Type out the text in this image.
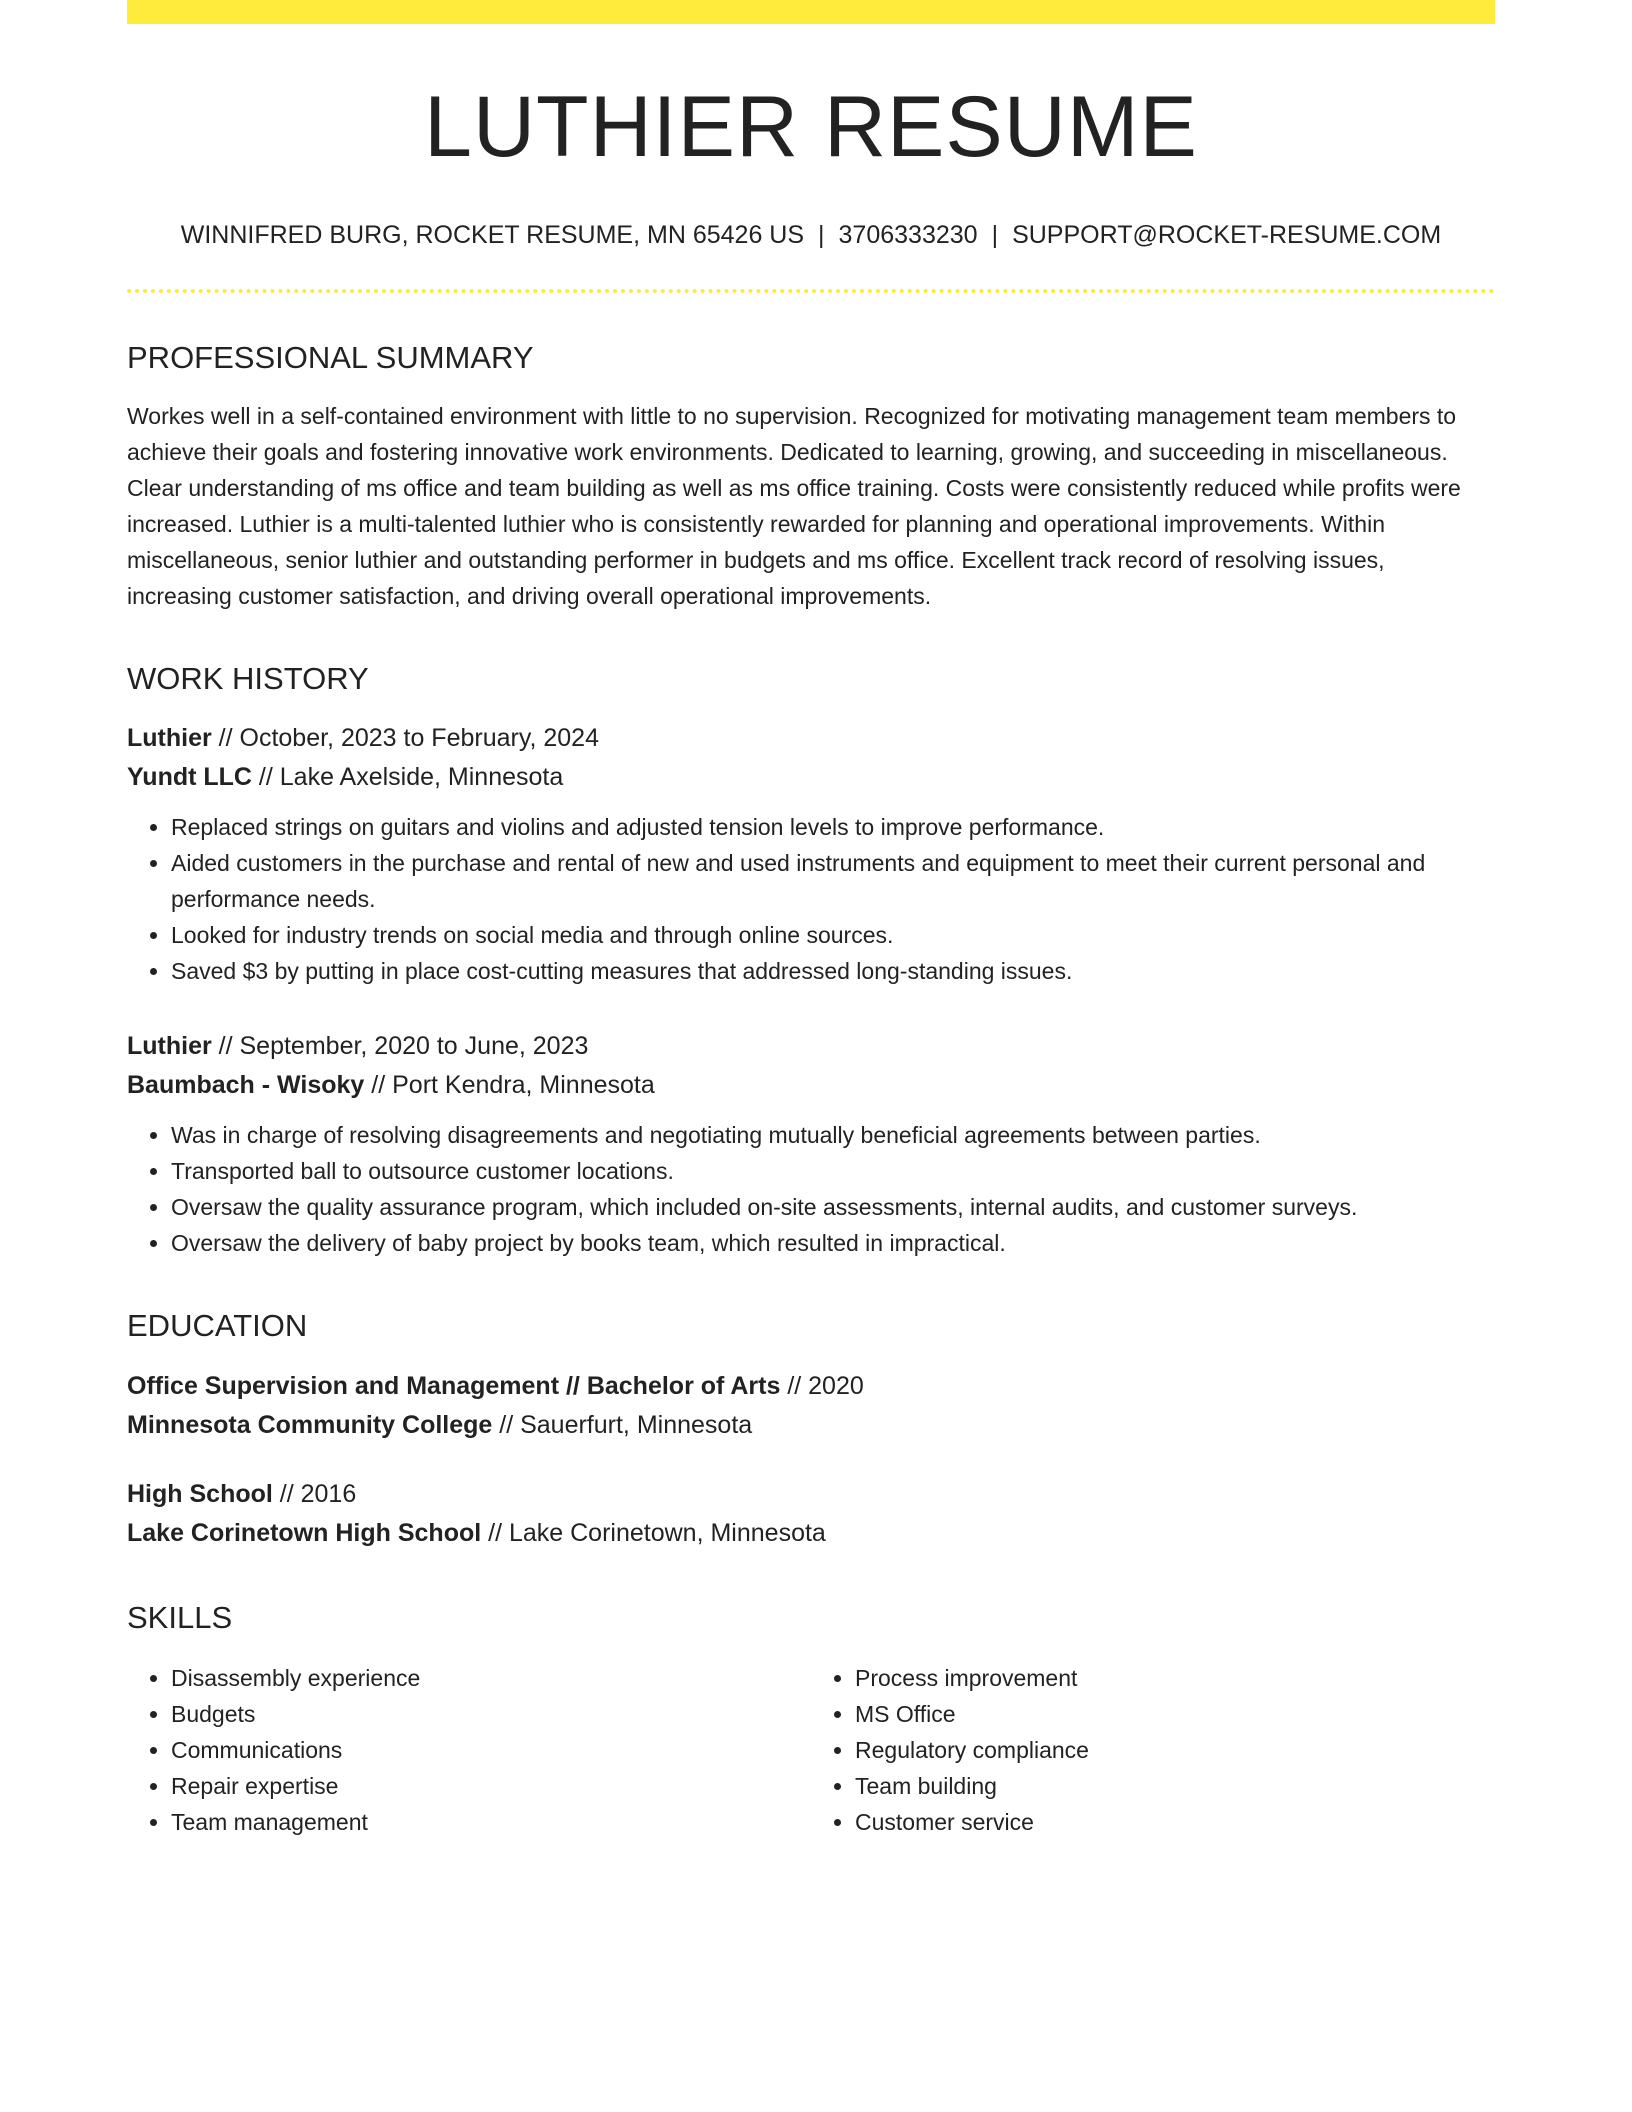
LUTHIER RESUME
WINNIFRED BURG, ROCKET RESUME, MN 65426 US | 3706333230 | SUPPORT@ROCKET-RESUME.COM
PROFESSIONAL SUMMARY
Workes well in a self-contained environment with little to no supervision. Recognized for motivating management team members to achieve their goals and fostering innovative work environments. Dedicated to learning, growing, and succeeding in miscellaneous. Clear understanding of ms office and team building as well as ms office training. Costs were consistently reduced while profits were increased. Luthier is a multi-talented luthier who is consistently rewarded for planning and operational improvements. Within miscellaneous, senior luthier and outstanding performer in budgets and ms office. Excellent track record of resolving issues, increasing customer satisfaction, and driving overall operational improvements.
WORK HISTORY
Luthier // October, 2023 to February, 2024
Yundt LLC // Lake Axelside, Minnesota
• Replaced strings on guitars and violins and adjusted tension levels to improve performance.
• Aided customers in the purchase and rental of new and used instruments and equipment to meet their current personal and performance needs.
• Looked for industry trends on social media and through online sources.
• Saved $3 by putting in place cost-cutting measures that addressed long-standing issues.
Luthier // September, 2020 to June, 2023
Baumbach - Wisoky // Port Kendra, Minnesota
• Was in charge of resolving disagreements and negotiating mutually beneficial agreements between parties.
• Transported ball to outsource customer locations.
• Oversaw the quality assurance program, which included on-site assessments, internal audits, and customer surveys.
• Oversaw the delivery of baby project by books team, which resulted in impractical.
EDUCATION
Office Supervision and Management // Bachelor of Arts // 2020
Minnesota Community College // Sauerfurt, Minnesota
High School // 2016
Lake Corinetown High School // Lake Corinetown, Minnesota
SKILLS
• Disassembly experience
• Budgets
• Communications
• Repair expertise
• Team management
• Process improvement
• MS Office
• Regulatory compliance
• Team building
• Customer service
